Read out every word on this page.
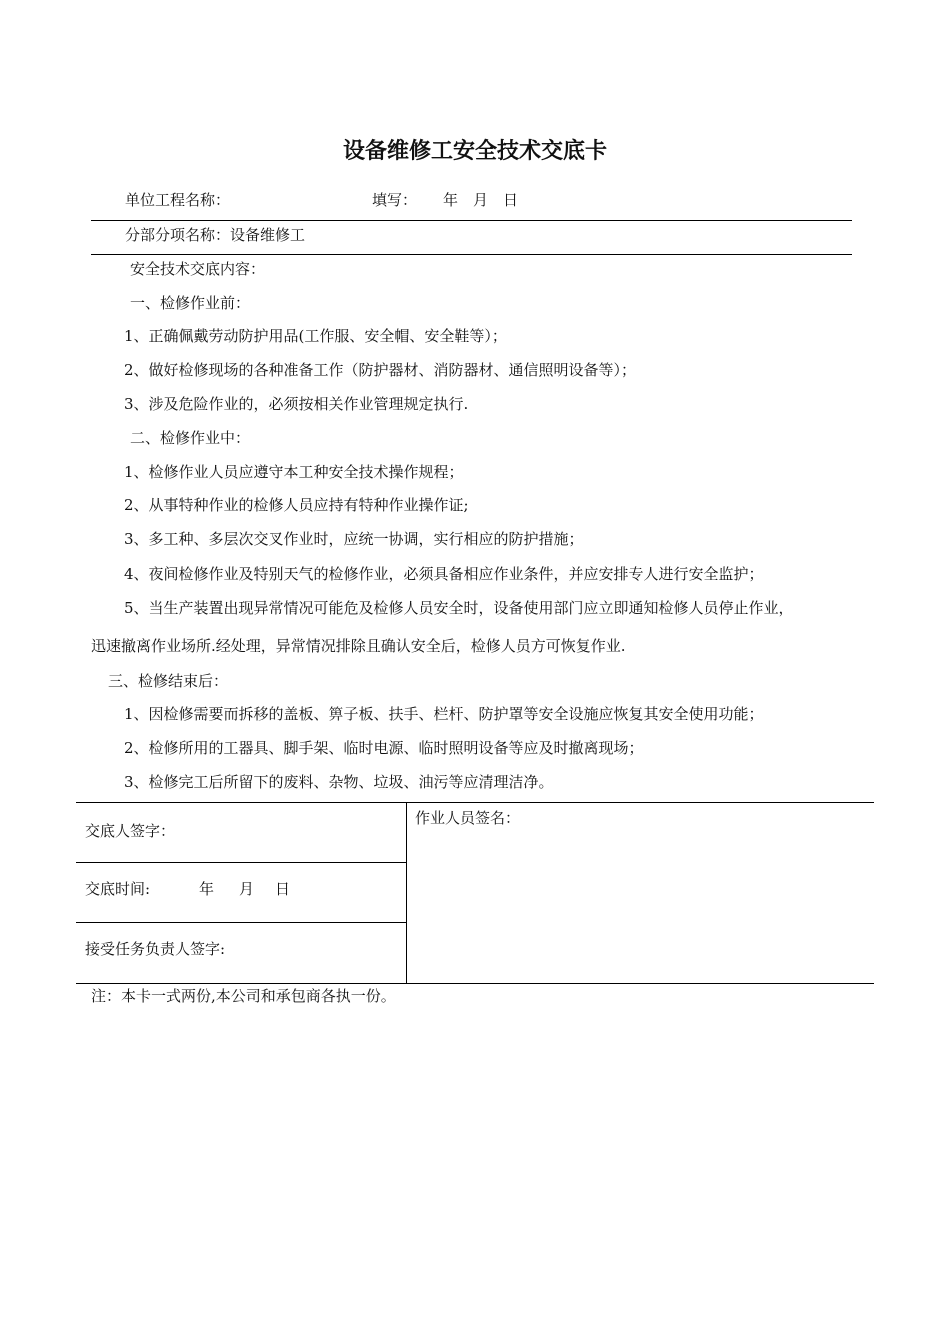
设备维修工安全技术交底卡
单位工程名称：	填写： 年 月 日
分部分项名称：设备维修工
安全技术交底内容：
一、检修作业前：
1、正确佩戴劳动防护用品(工作服、安全帽、安全鞋等）；
2、做好检修现场的各种准备工作（防护器材、消防器材、通信照明设备等）；
3、涉及危险作业的，必须按相关作业管理规定执行.
二、检修作业中：
1、检修作业人员应遵守本工种安全技术操作规程；
2、从事特种作业的检修人员应持有特种作业操作证;
3、多工种、多层次交叉作业时，应统一协调，实行相应的防护措施；
4、夜间检修作业及特别天气的检修作业，必须具备相应作业条件，并应安排专人进行安全监护；
5、当生产装置出现异常情况可能危及检修人员安全时，设备使用部门应立即通知检修人员停止作业，
迅速撤离作业场所.经处理，异常情况排除且确认安全后，检修人员方可恢复作业.
三、检修结束后：
1、因检修需要而拆移的盖板、箅子板、扶手、栏杆、防护罩等安全设施应恢复其安全使用功能；
2、检修所用的工器具、脚手架、临时电源、临时照明设备等应及时撤离现场；
3、检修完工后所留下的废料、杂物、垃圾、油污等应清理洁净。
交底人签字：
交底时间:	年 月 日
接受任务负责人签字:
作业人员签名：
注：本卡一式两份,本公司和承包商各执一份。
